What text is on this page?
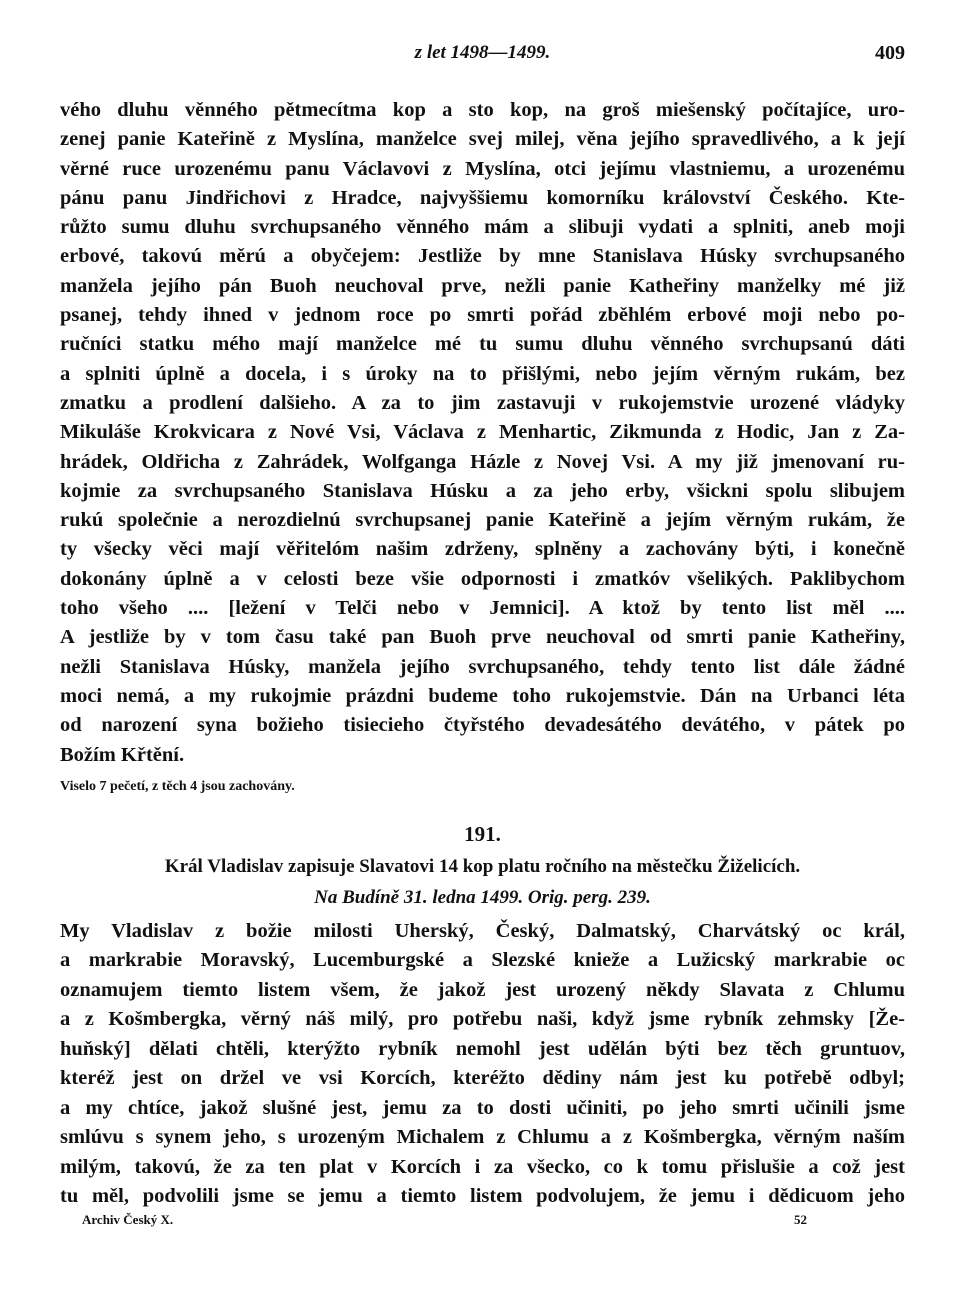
z let 1498—1499.	409
vého dluhu věnného pětmecítma kop a sto kop, na groš miešenský počítajíce, uro-
zenej panie Kateřině z Myslína, manželce svej milej, věna jejího spravedlivého, a k její
věrné ruce urozenému panu Václavovi z Myslína, otci jejímu vlastniemu, a urozenému
pánu panu Jindřichovi z Hradce, najvyššiemu komorníku království Českého. Kte-
růžto sumu dluhu svrchupsaného věnného mám a slibuji vydati a splniti, aneb moji
erbové, takovú měrú a obyčejem: Jestliže by mne Stanislava Húsky svrchupsaného
manžela jejího pán Buoh neuchoval prve, nežli panie Katheřiny manželky mé již
psanej, tehdy ihned v jednom roce po smrti pořád zběhlém erbové moji nebo po-
ručníci statku mého mají manželce mé tu sumu dluhu věnného svrchupsanú dáti
a splniti úplně a docela, i s úroky na to přišlými, nebo jejím věrným rukám, bez
zmatku a prodlení dalšieho. A za to jim zastavuji v rukojemstvie urozené vládyky
Mikuláše Krokvicara z Nové Vsi, Václava z Menhartic, Zikmunda z Hodic, Jan z Za-
hrádek, Oldřicha z Zahrádek, Wolfganga Házle z Novej Vsi. A my již jmenovaní ru-
kojmie za svrchupsaného Stanislava Húsku a za jeho erby, všickni spolu slibujem
rukú společnie a nerozdielnú svrchupsanej panie Kateřině a jejím věrným rukám, že
ty všecky věci mají věřitelóm našim zdrženy, splněny a zachovány býti, i konečně
dokonány úplně a v celosti beze všie odpornosti i zmatkóv všelikých. Paklibychom
toho všeho .... [ležení v Telči nebo v Jemnici]. A ktož by tento list měl ....
A jestliže by v tom času také pan Buoh prve neuchoval od smrti panie Katheřiny,
nežli Stanislava Húsky, manžela jejího svrchupsaného, tehdy tento list dále žádné
moci nemá, a my rukojmie prázdni budeme toho rukojemstvie. Dán na Urbanci léta
od narození syna božieho tisiecieho čtyřstého devadesátého devátého, v pátek po
Božím Křtění.
Viselo 7 pečetí, z těch 4 jsou zachovány.
191.
Král Vladislav zapisuje Slavatovi 14 kop platu ročního na městečku Žiželicích.
Na Budíně 31. ledna 1499. Orig. perg. 239.
My Vladislav z božie milosti Uherský, Český, Dalmatský, Charvátský oc král,
a markrabie Moravský, Lucemburgské a Slezské knieže a Lužicský markrabie oc
oznamujem tiemto listem všem, že jakož jest urozený někdy Slavata z Chlumu
a z Košmbergka, věrný náš milý, pro potřebu naši, když jsme rybník zehmsky [Že-
huňský] dělati chtěli, kterýžto rybník nemohl jest udělán býti bez těch gruntuov,
kteréž jest on držel ve vsi Korcích, kteréžto dědiny nám jest ku potřebě odbyl;
a my chtíce, jakož slušné jest, jemu za to dosti učiniti, po jeho smrti učinili jsme
smlúvu s synem jeho, s urozeným Michalem z Chlumu a z Košmbergka, věrným naším
milým, takovú, že za ten plat v Korcích i za všecko, co k tomu přislušie a což jest
tu měl, podvolili jsme se jemu a tiemto listem podvolujem, že jemu i dědicuom jeho
Archiv Český X.	52
